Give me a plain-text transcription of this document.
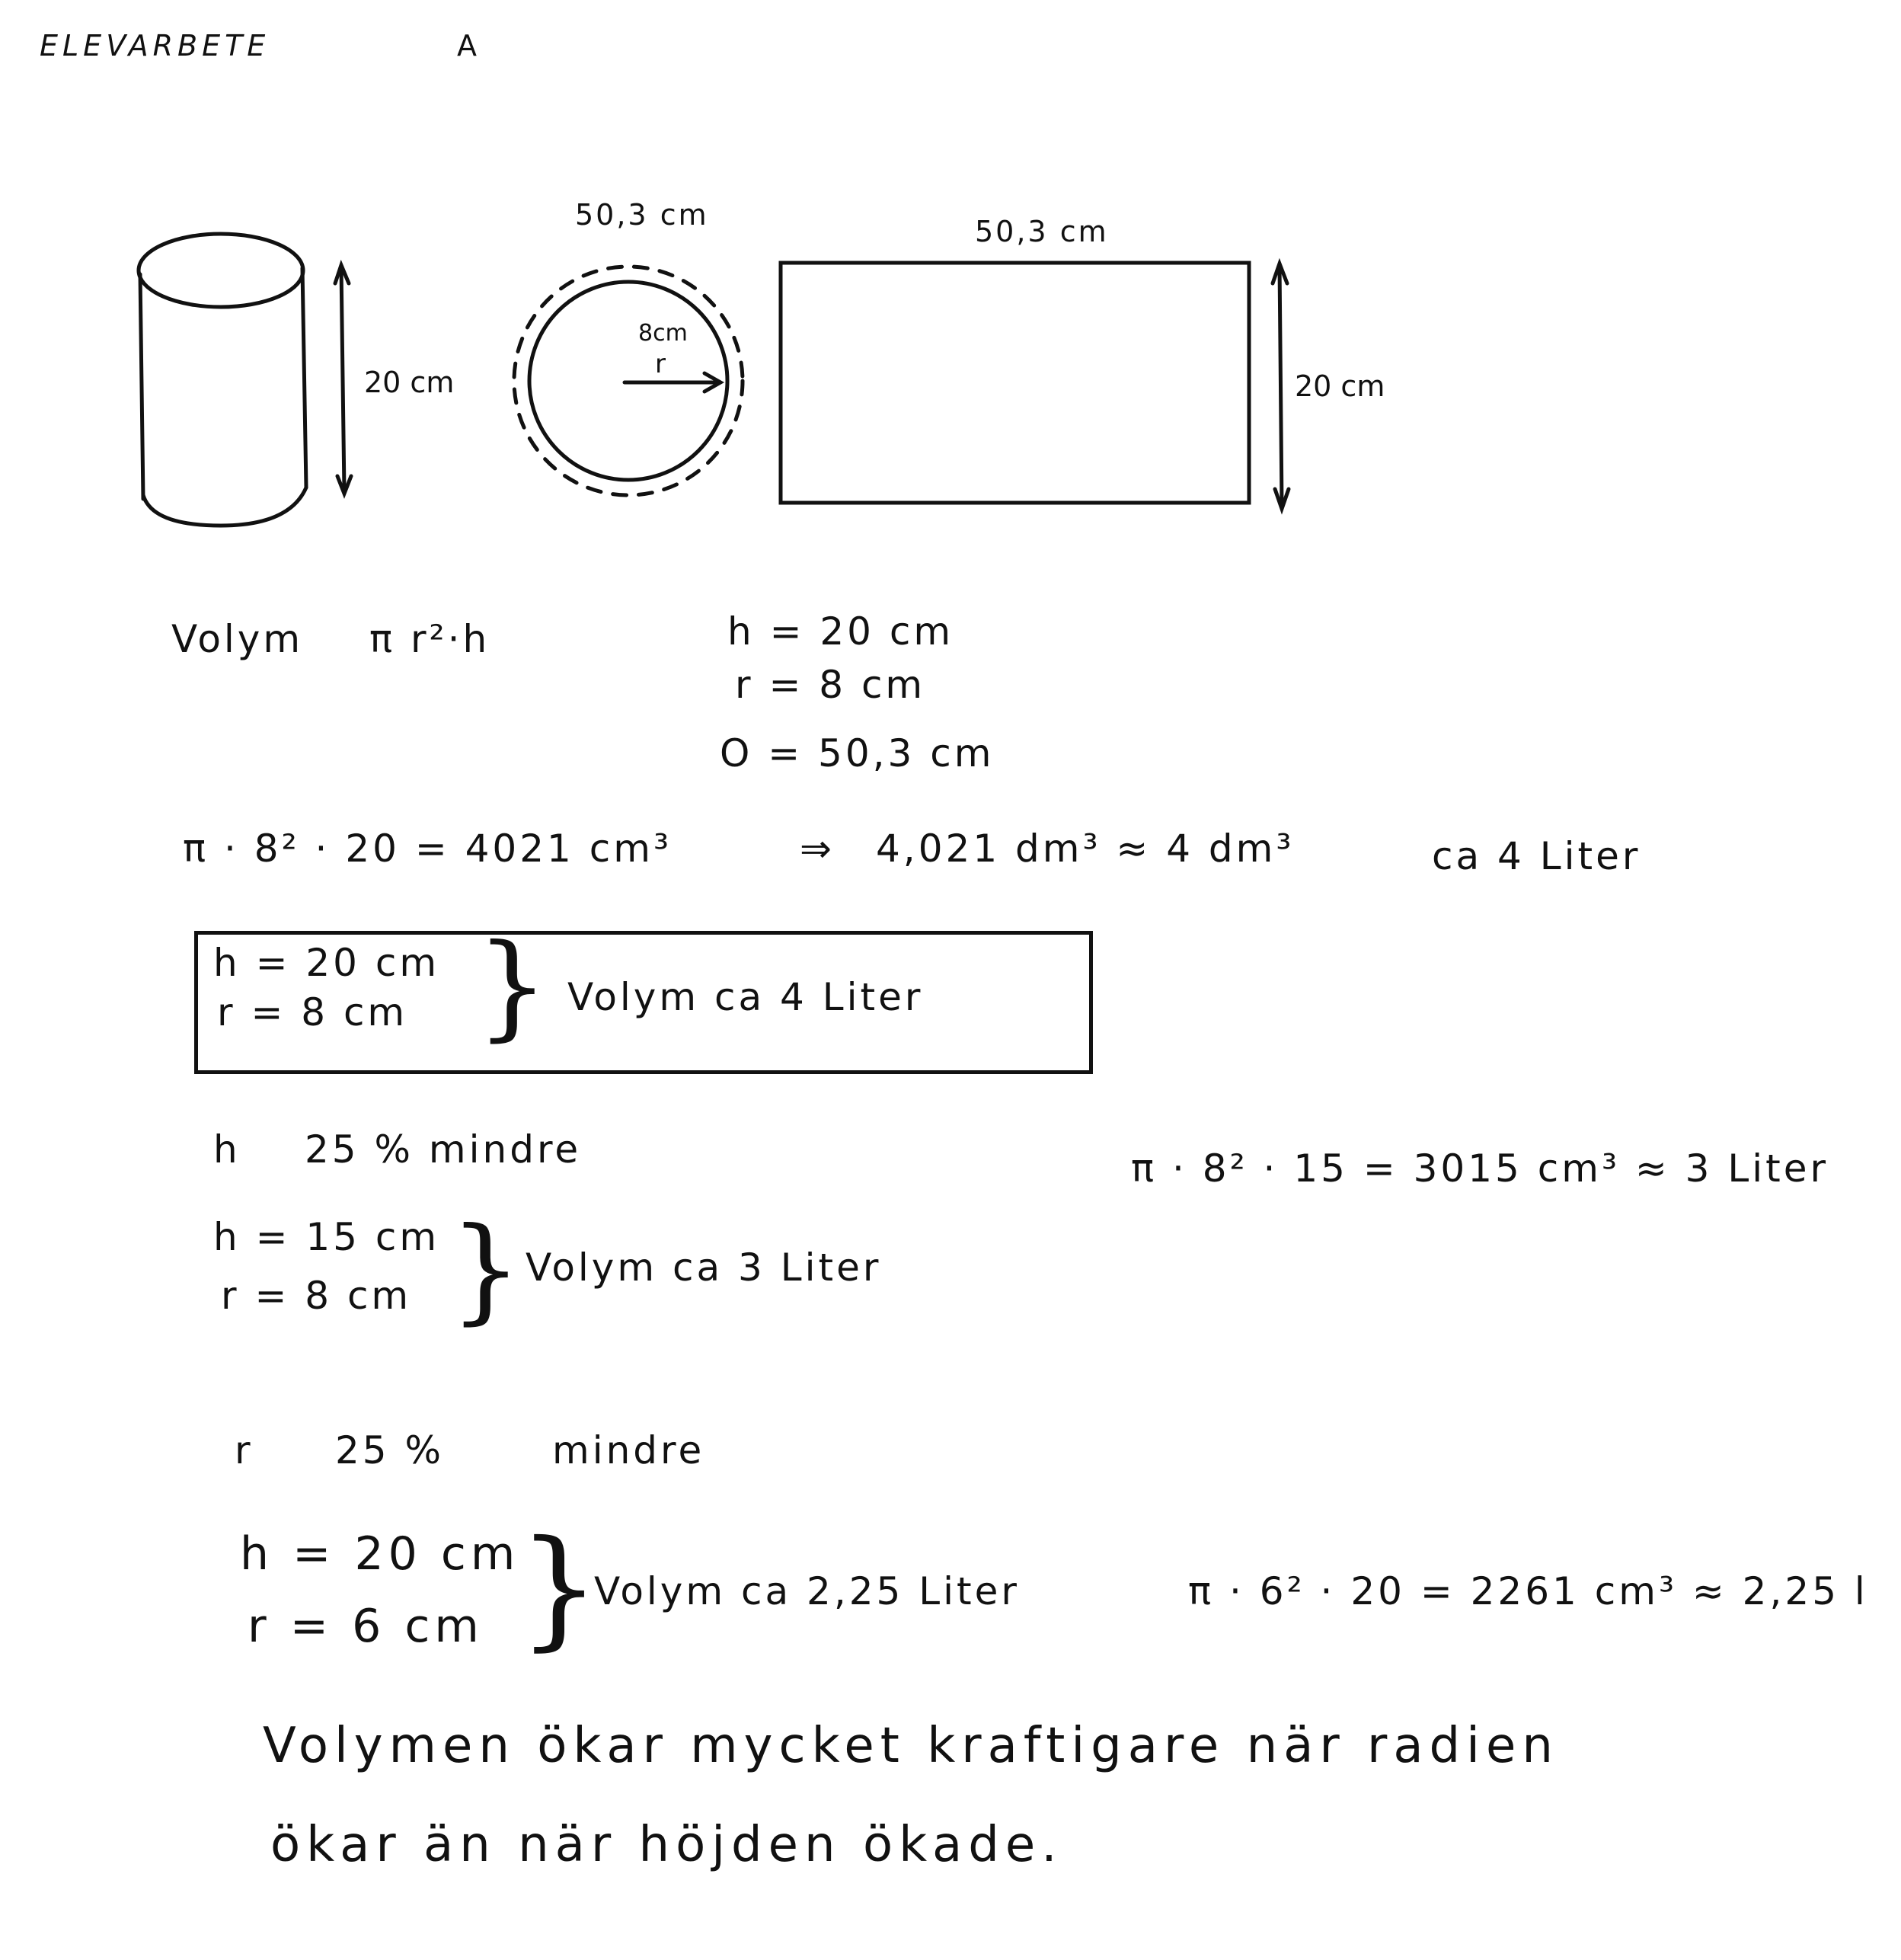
ELEVARBETE	A
20 cm
50,3 cm
8cm
r
50,3 cm
20 cm
Volym π r²·h	h = 20 cm
r = 8 cm
O = 50,3 cm
π · 8² · 20 = 4021 cm³	⇒ 4,021 dm³ ≈ 4 dm³	ca 4 Liter
h = 20 cm
r = 8 cm } Volym ca 4 Liter
h 25 % mindre	π · 8² · 15 = 3015 cm³ ≈ 3 Liter
h = 15 cm
r = 8 cm } Volym ca 3 Liter
r 25 %	mindre
h = 20 cm
r = 6 cm }
Volym ca 2,25 Liter	π · 6² · 20 = 2261 cm³ ≈ 2,25 l
Volymen ökar mycket kraftigare när radien
ökar än när höjden ökade.
